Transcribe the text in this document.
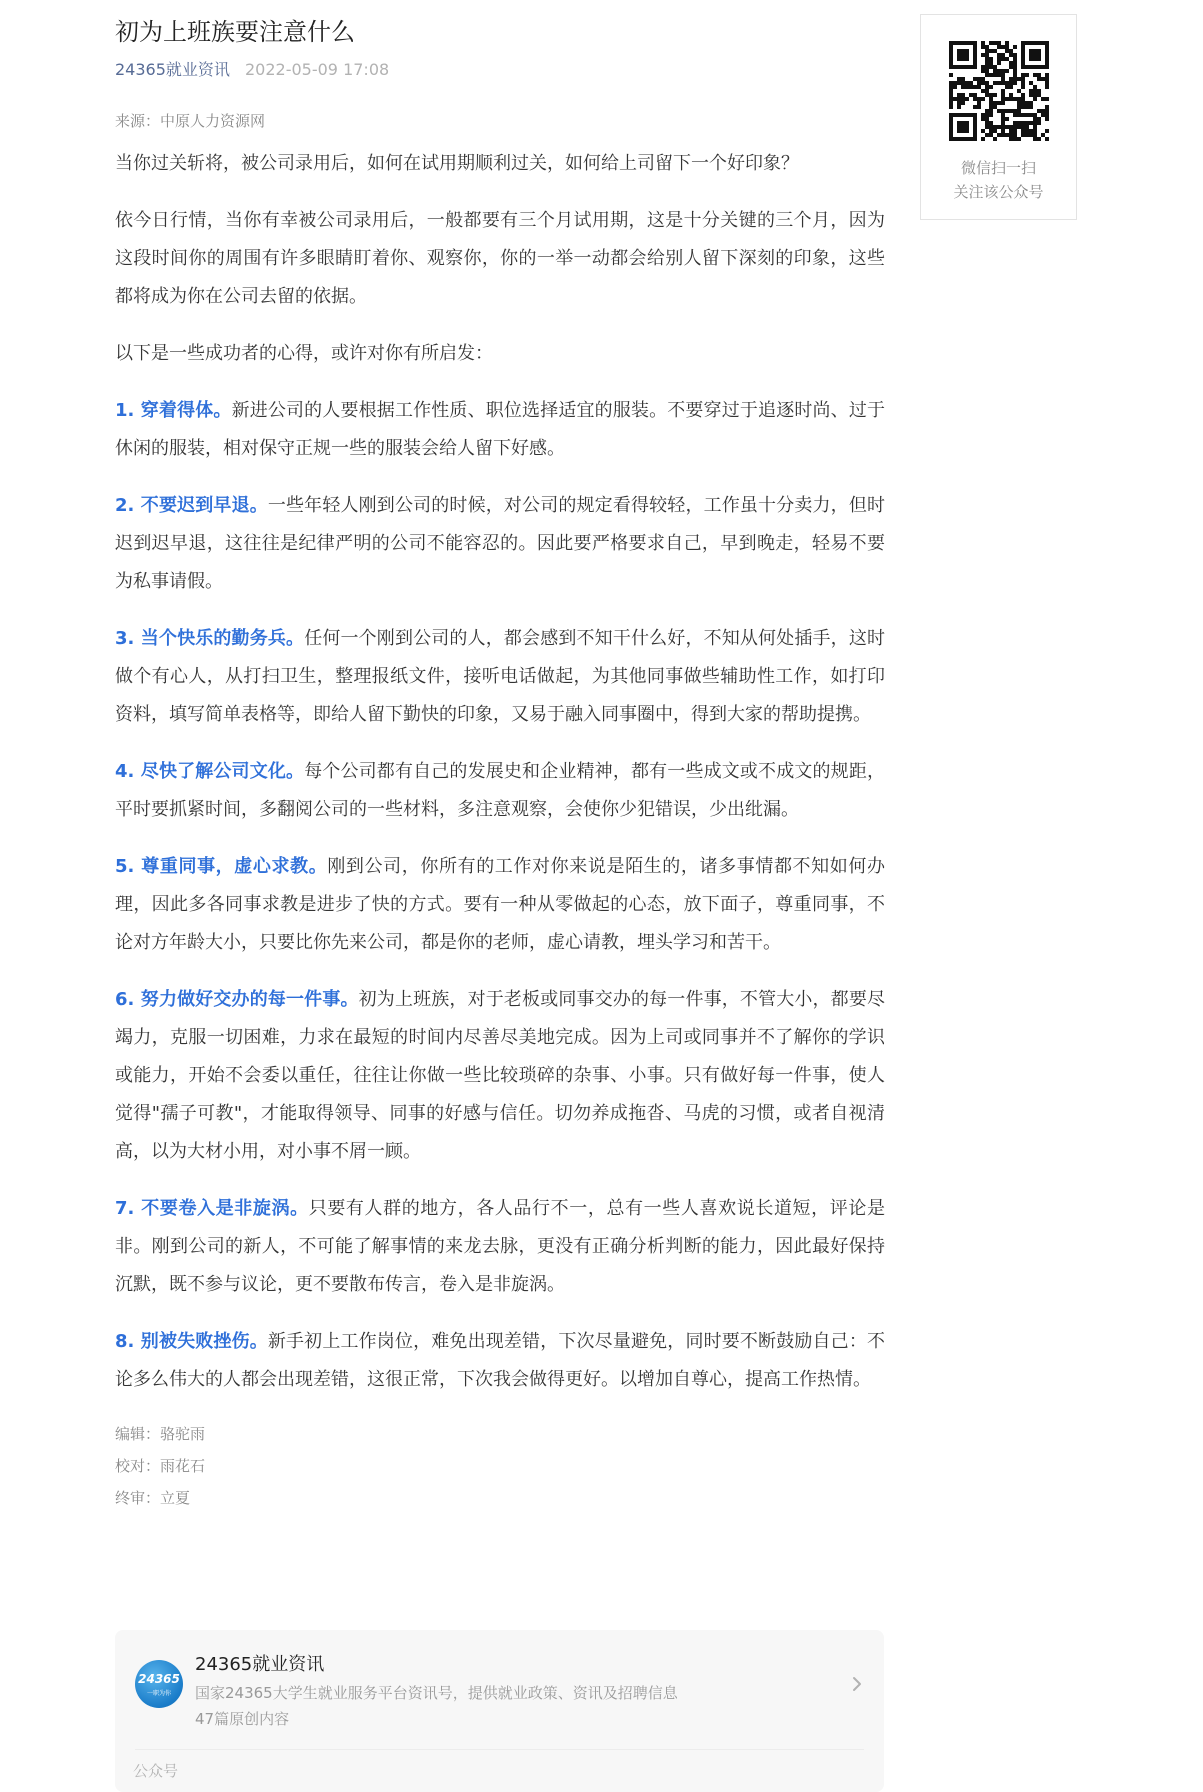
初为上班族要注意什么
24365就业资讯 2022-05-09 17:08
来源：中原人力资源网

当你过关斩将，被公司录用后，如何在试用期顺利过关，如何给上司留下一个好印象？

依今日行情，当你有幸被公司录用后，一般都要有三个月试用期，这是十分关键的三个月，因为这段时间你的周围有许多眼睛盯着你、观察你，你的一举一动都会给别人留下深刻的印象，这些都将成为你在公司去留的依据。

以下是一些成功者的心得，或许对你有所启发：

1. 穿着得体。新进公司的人要根据工作性质、职位选择适宜的服装。不要穿过于追逐时尚、过于休闲的服装，相对保守正规一些的服装会给人留下好感。

2. 不要迟到早退。一些年轻人刚到公司的时候，对公司的规定看得较轻，工作虽十分卖力，但时迟到迟早退，这往往是纪律严明的公司不能容忍的。因此要严格要求自己，早到晚走，轻易不要为私事请假。

3. 当个快乐的勤务兵。任何一个刚到公司的人，都会感到不知干什么好，不知从何处插手，这时做个有心人，从打扫卫生，整理报纸文件，接听电话做起，为其他同事做些辅助性工作，如打印资料，填写简单表格等，即给人留下勤快的印象，又易于融入同事圈中，得到大家的帮助提携。

4. 尽快了解公司文化。每个公司都有自己的发展史和企业精神，都有一些成文或不成文的规距，平时要抓紧时间，多翻阅公司的一些材料，多注意观察，会使你少犯错误，少出纰漏。

5. 尊重同事，虚心求教。刚到公司，你所有的工作对你来说是陌生的，诸多事情都不知如何办理，因此多各同事求教是进步了快的方式。要有一种从零做起的心态，放下面子，尊重同事，不论对方年龄大小，只要比你先来公司，都是你的老师，虚心请教，埋头学习和苦干。

6. 努力做好交办的每一件事。初为上班族，对于老板或同事交办的每一件事，不管大小，都要尽竭力，克服一切困难，力求在最短的时间内尽善尽美地完成。因为上司或同事并不了解你的学识或能力，开始不会委以重任，往往让你做一些比较琐碎的杂事、小事。只有做好每一件事，使人觉得"孺子可教"，才能取得领导、同事的好感与信任。切勿养成拖沓、马虎的习惯，或者自视清高，以为大材小用，对小事不屑一顾。

7. 不要卷入是非旋涡。只要有人群的地方，各人品行不一，总有一些人喜欢说长道短，评论是非。刚到公司的新人，不可能了解事情的来龙去脉，更没有正确分析判断的能力，因此最好保持沉默，既不参与议论，更不要散布传言，卷入是非旋涡。

8. 别被失败挫伤。新手初上工作岗位，难免出现差错，下次尽量避免，同时要不断鼓励自己：不论多么伟大的人都会出现差错，这很正常，下次我会做得更好。以增加自尊心，提高工作热情。

编辑：骆驼雨
校对：雨花石
终审：立夏
24365
一职为你
24365就业资讯
国家24365大学生就业服务平台资讯号，提供就业政策、资讯及招聘信息
47篇原创内容
公众号
微信扫一扫
关注该公众号
